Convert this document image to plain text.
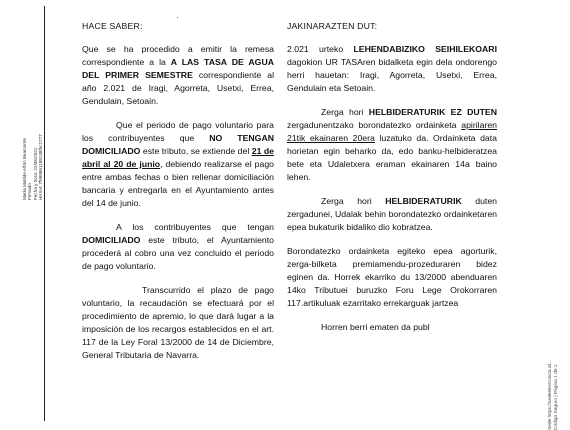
María Matilde Añón Beamonte Firmado Fecha y hora: 22/06/2021 HASH: 7f999861188138f5c2777
·
HACE SABER:
Que se ha procedido a emitir la remesa correspondiente a la A LAS TASA DE AGUA DEL PRIMER SEMESTRE correspondiente al año 2.021 de Iragi, Agorreta, Usetxi, Errea, Gendulain, Setoain.
Que el periodo de pago voluntario para los contribuyentes que NO TENGAN DOMICILIADO este tributo, se extiende del 21 de abril al 20 de junio, debiendo realizarse el pago entre ambas fechas o bien rellenar domiciliación bancaria y entregarla en el Ayuntamiento antes del 14 de junio.
A los contribuyentes que tengan DOMICILIADO este tributo, el Ayuntamiento procederá al cobro una vez concluido el periodo de pago voluntario.
Transcurrido el plazo de pago voluntario, la recaudación se efectuará por el procedimiento de apremio, lo que dará lugar a la imposición de los recargos establecidos en el art. 117 de la Ley Foral 13/2000 de 14 de Diciembre, General Tributaria de Navarra.
JAKINARAZTEN DUT:
2.021 urteko LEHENDABIZIKO SEIHILEKOARI dagokion UR TASAren bidalketa egin dela ondorengo herri hauetan: Iragi, Agorreta, Usetxi, Errea, Gendulain eta Setoain.
Zerga hori HELBIDERATURIK EZ DUTEN zergadunentzako borondatezko ordainketa apirilaren 21tik ekainaren 20era luzatuko da. Ordainketa data horietan egin beharko da, edo banku-helbideratzea bete eta Udaletxera eraman ekainaren 14a baino lehen.
Zerga hori HELBIDERATURIK duten zergadunei, Udalak behin borondatezko ordainketaren epea bukaturik bidaliko dio kobratzea.
Borondatezko ordainketa egiteko epea agorturik, zerga-bilketa premiamendu-prozeduraren bidez eginen da. Horrek ekarriko du 13/2000 abenduaren 14ko Tributuei buruzko Foru Lege Orokorraren 117.artikuluak ezarritako errekarguak jartzea
Horren berri ematen da publ
Sede https://sedeelectronica.af... Código Seguro | Página 1 de 1
